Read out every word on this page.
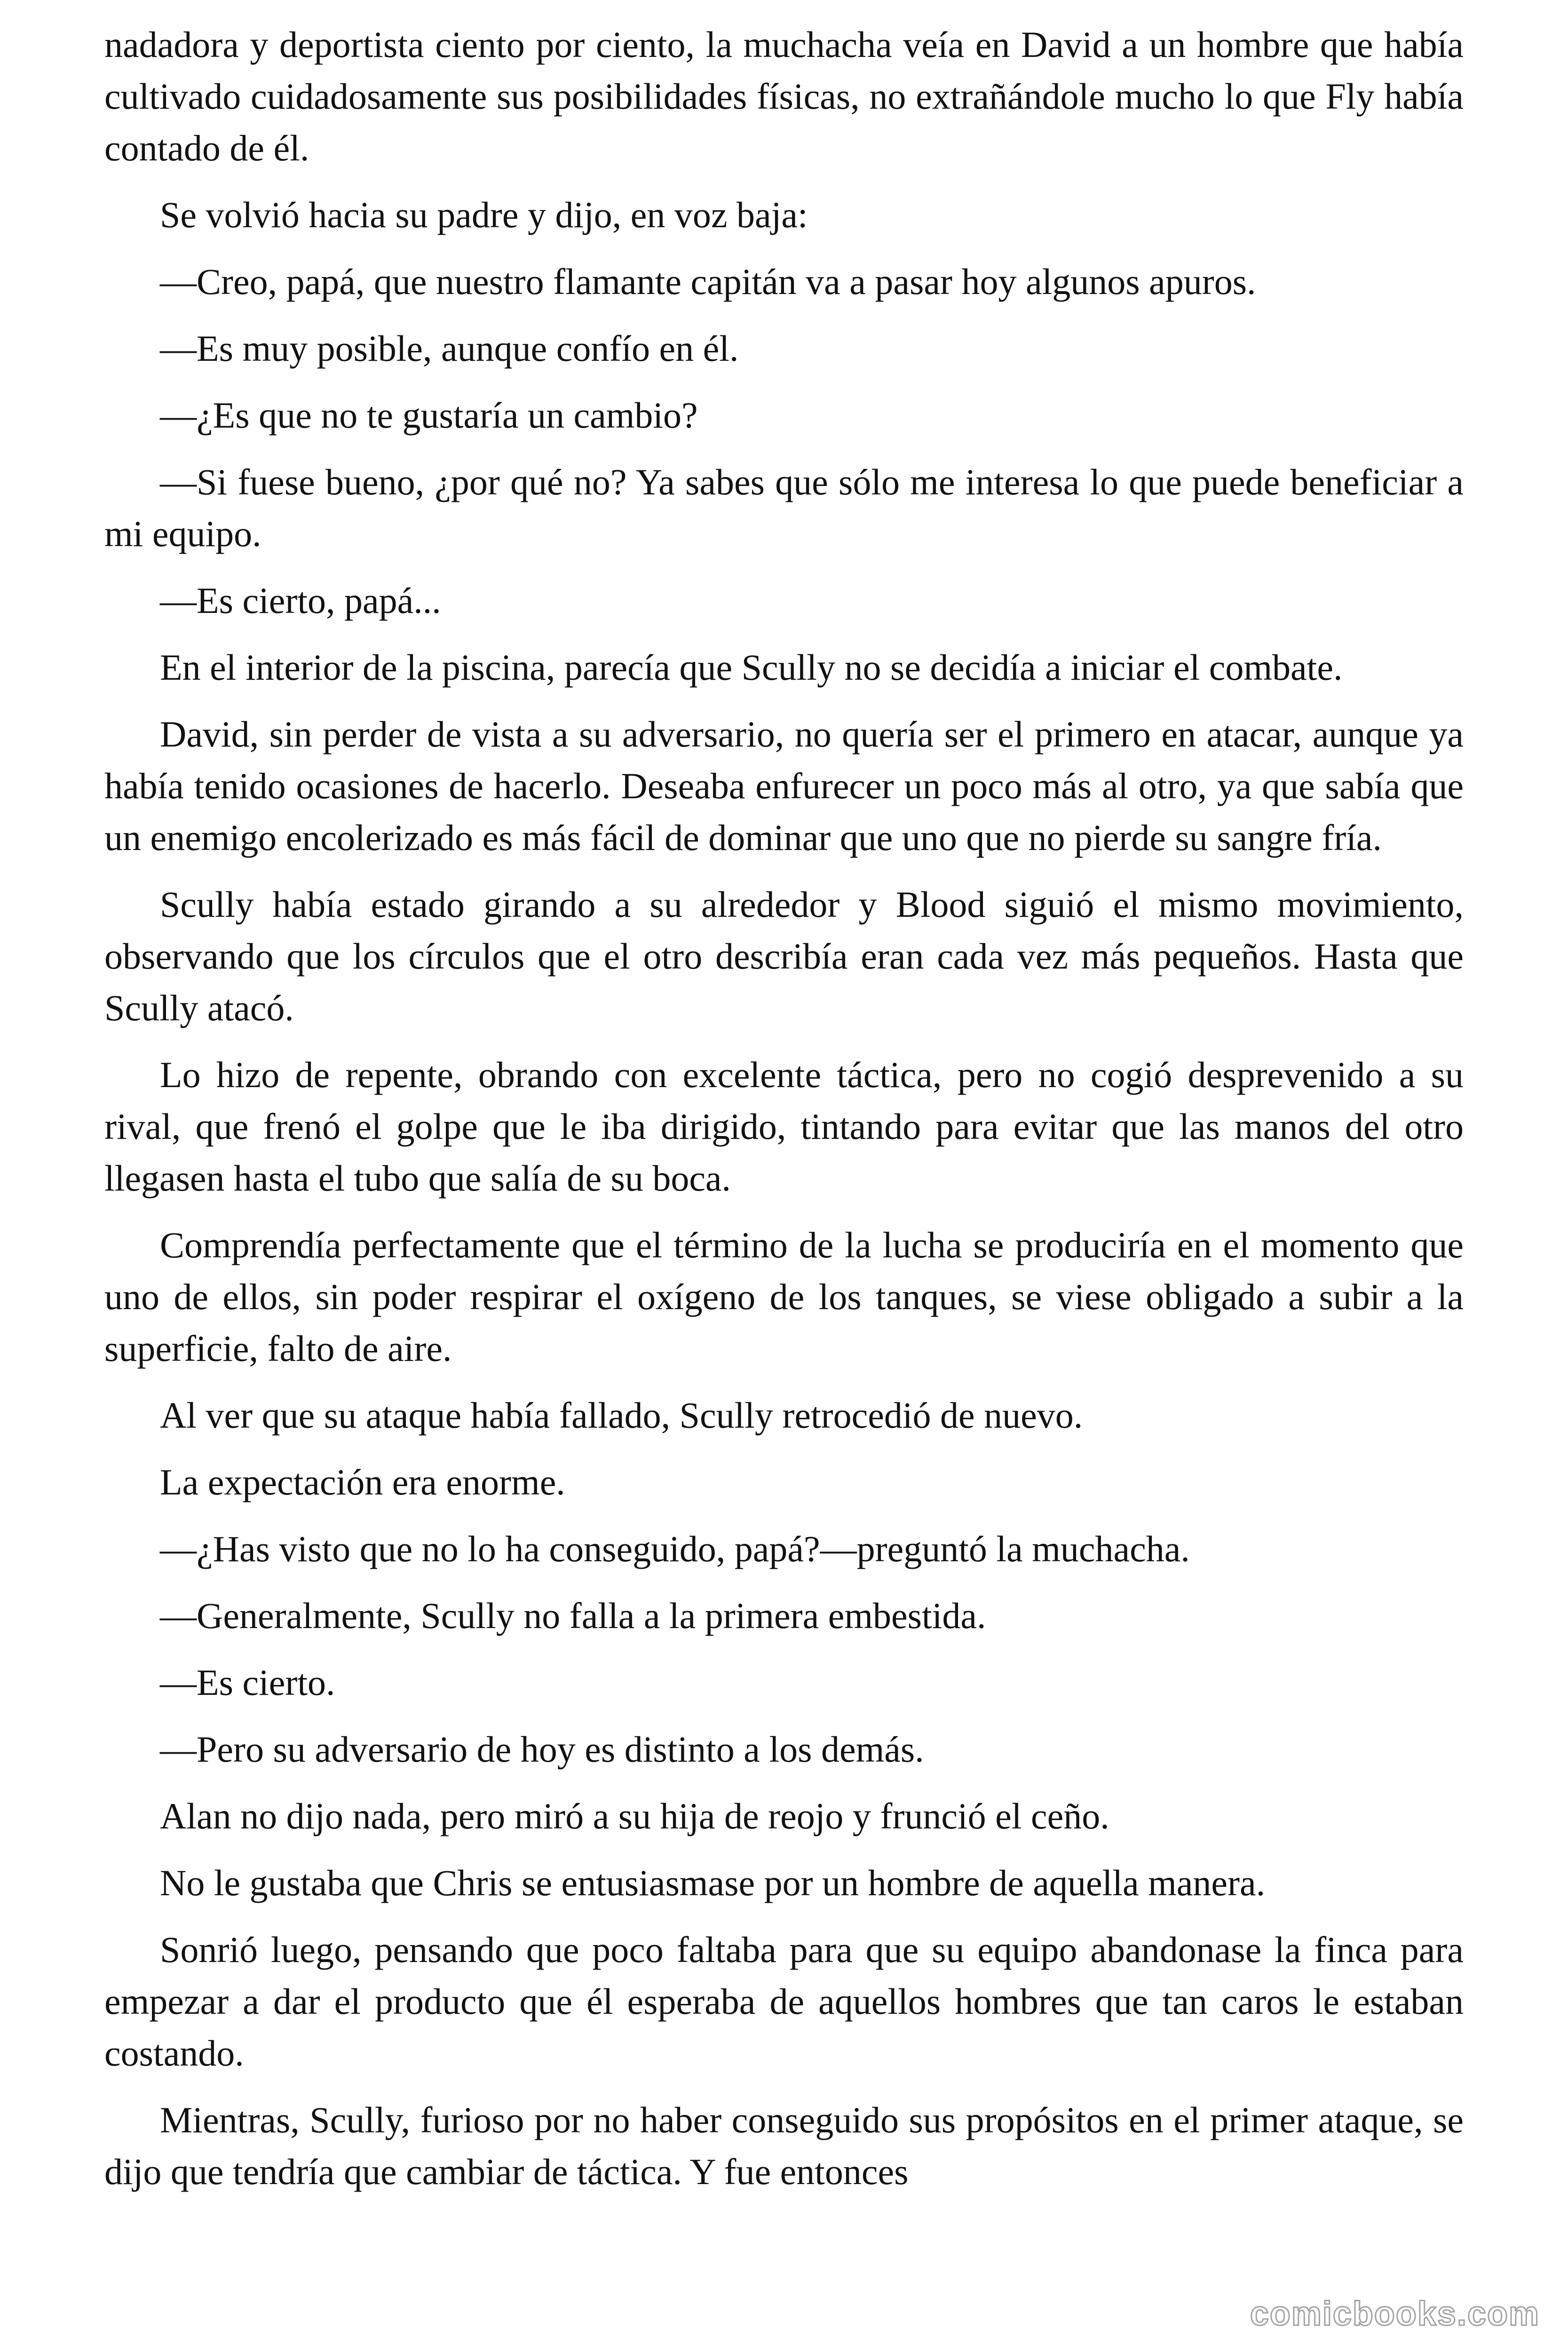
nadadora y deportista ciento por ciento, la muchacha veía en David a un hombre que había cultivado cuidadosamente sus posibilidades físicas, no extrañándole mucho lo que Fly había contado de él.

Se volvió hacia su padre y dijo, en voz baja:

—Creo, papá, que nuestro flamante capitán va a pasar hoy algunos apuros.

—Es muy posible, aunque confío en él.

—¿Es que no te gustaría un cambio?

—Si fuese bueno, ¿por qué no? Ya sabes que sólo me interesa lo que puede beneficiar a mi equipo.

—Es cierto, papá...

En el interior de la piscina, parecía que Scully no se decidía a iniciar el combate.

David, sin perder de vista a su adversario, no quería ser el primero en atacar, aunque ya había tenido ocasiones de hacerlo. Deseaba enfurecer un poco más al otro, ya que sabía que un enemigo encolerizado es más fácil de dominar que uno que no pierde su sangre fría.

Scully había estado girando a su alrededor y Blood siguió el mismo movimiento, observando que los círculos que el otro describía eran cada vez más pequeños. Hasta que Scully atacó.

Lo hizo de repente, obrando con excelente táctica, pero no cogió desprevenido a su rival, que frenó el golpe que le iba dirigido, tintando para evitar que las manos del otro llegasen hasta el tubo que salía de su boca.

Comprendía perfectamente que el término de la lucha se produciría en el momento que uno de ellos, sin poder respirar el oxígeno de los tanques, se viese obligado a subir a la superficie, falto de aire.

Al ver que su ataque había fallado, Scully retrocedió de nuevo.

La expectación era enorme.

—¿Has visto que no lo ha conseguido, papá?—preguntó la muchacha.

—Generalmente, Scully no falla a la primera embestida.

—Es cierto.

—Pero su adversario de hoy es distinto a los demás.

Alan no dijo nada, pero miró a su hija de reojo y frunció el ceño.

No le gustaba que Chris se entusiasmase por un hombre de aquella manera.

Sonrió luego, pensando que poco faltaba para que su equipo abandonase la finca para empezar a dar el producto que él esperaba de aquellos hombres que tan caros le estaban costando.

Mientras, Scully, furioso por no haber conseguido sus propósitos en el primer ataque, se dijo que tendría que cambiar de táctica. Y fue entonces

comicbooks.com
